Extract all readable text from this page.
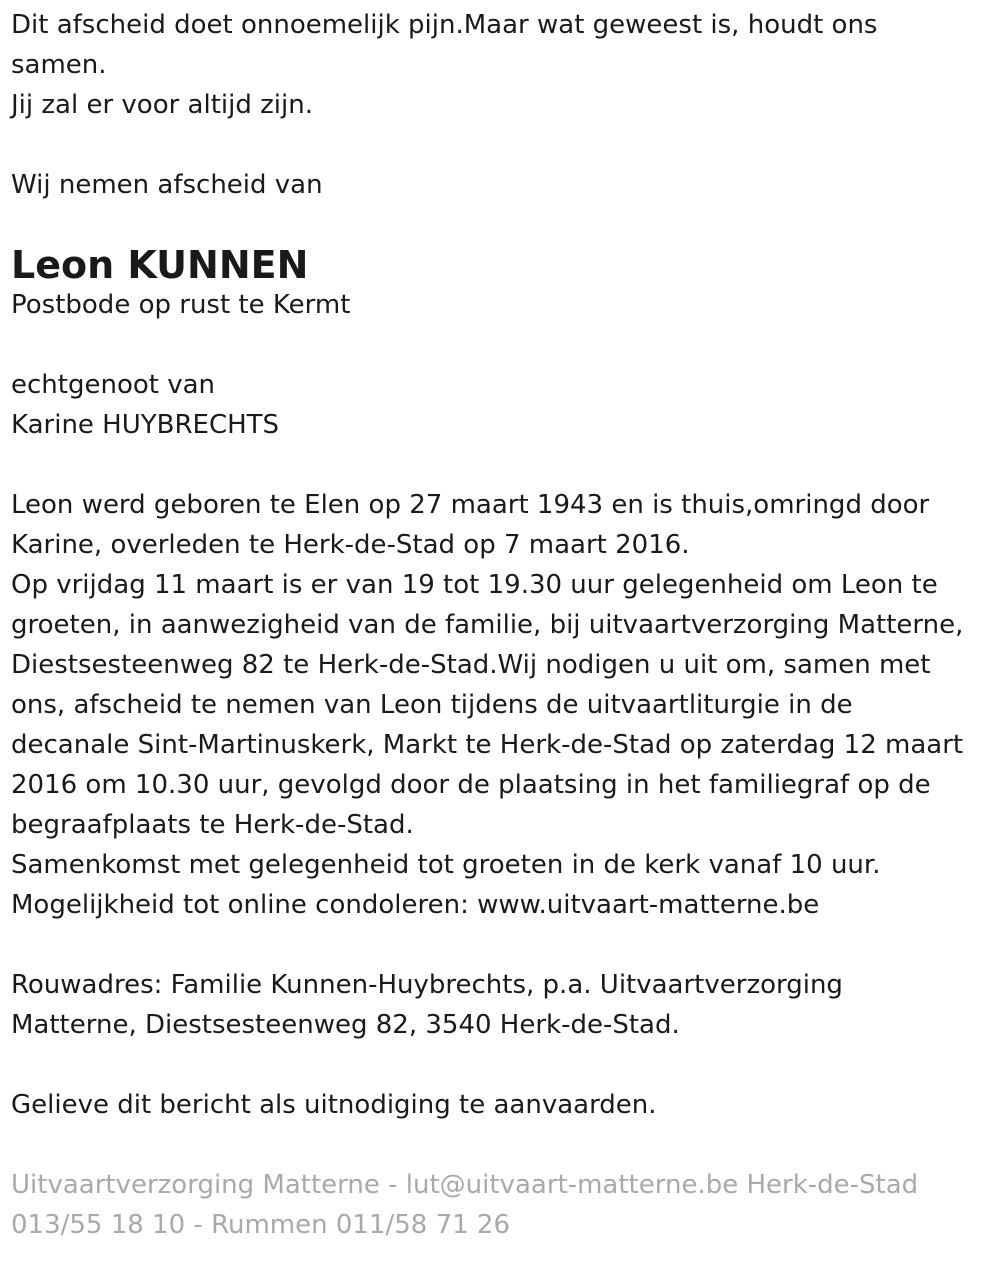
Dit afscheid doet onnoemelijk pijn.Maar wat geweest is, houdt ons
samen.
Jij zal er voor altijd zijn.
Wij nemen afscheid van
Leon KUNNEN
Postbode op rust te Kermt
echtgenoot van
Karine HUYBRECHTS
Leon werd geboren te Elen op 27 maart 1943 en is thuis,omringd door
Karine, overleden te Herk-de-Stad op 7 maart 2016.
Op vrijdag 11 maart is er van 19 tot 19.30 uur gelegenheid om Leon te
groeten, in aanwezigheid van de familie, bij uitvaartverzorging Matterne,
Diestsesteenweg 82 te Herk-de-Stad.Wij nodigen u uit om, samen met
ons, afscheid te nemen van Leon tijdens de uitvaartliturgie in de
decanale Sint-Martinuskerk, Markt te Herk-de-Stad op zaterdag 12 maart
2016 om 10.30 uur, gevolgd door de plaatsing in het familiegraf op de
begraafplaats te Herk-de-Stad.
Samenkomst met gelegenheid tot groeten in de kerk vanaf 10 uur.
Mogelijkheid tot online condoleren: www.uitvaart-matterne.be
Rouwadres: Familie Kunnen-Huybrechts, p.a. Uitvaartverzorging
Matterne, Diestsesteenweg 82, 3540 Herk-de-Stad.
Gelieve dit bericht als uitnodiging te aanvaarden.
Uitvaartverzorging Matterne - lut@uitvaart-matterne.be Herk-de-Stad
013/55 18 10 - Rummen 011/58 71 26
